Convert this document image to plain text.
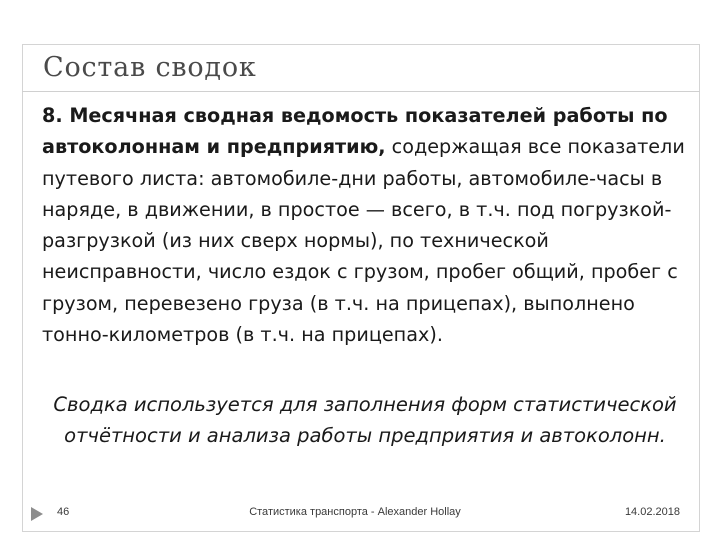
Состав сводок
8. Месячная сводная ведомость показателей работы по автоколоннам и предприятию, содержащая все показатели путевого листа: автомобиле-дни работы, автомобиле-часы в наряде, в движении, в простое — всего, в т.ч. под погрузкой-разгрузкой (из них сверх нормы), по технической неисправности, число ездок с грузом, пробег общий, пробег с грузом, перевезено груза (в т.ч. на прицепах), выполнено тонно-километров (в т.ч. на прицепах).
Сводка используется для заполнения форм статистической отчётности и анализа работы предприятия и автоколонн.
46	Статистика транспорта - Alexander Hollay	14.02.2018
